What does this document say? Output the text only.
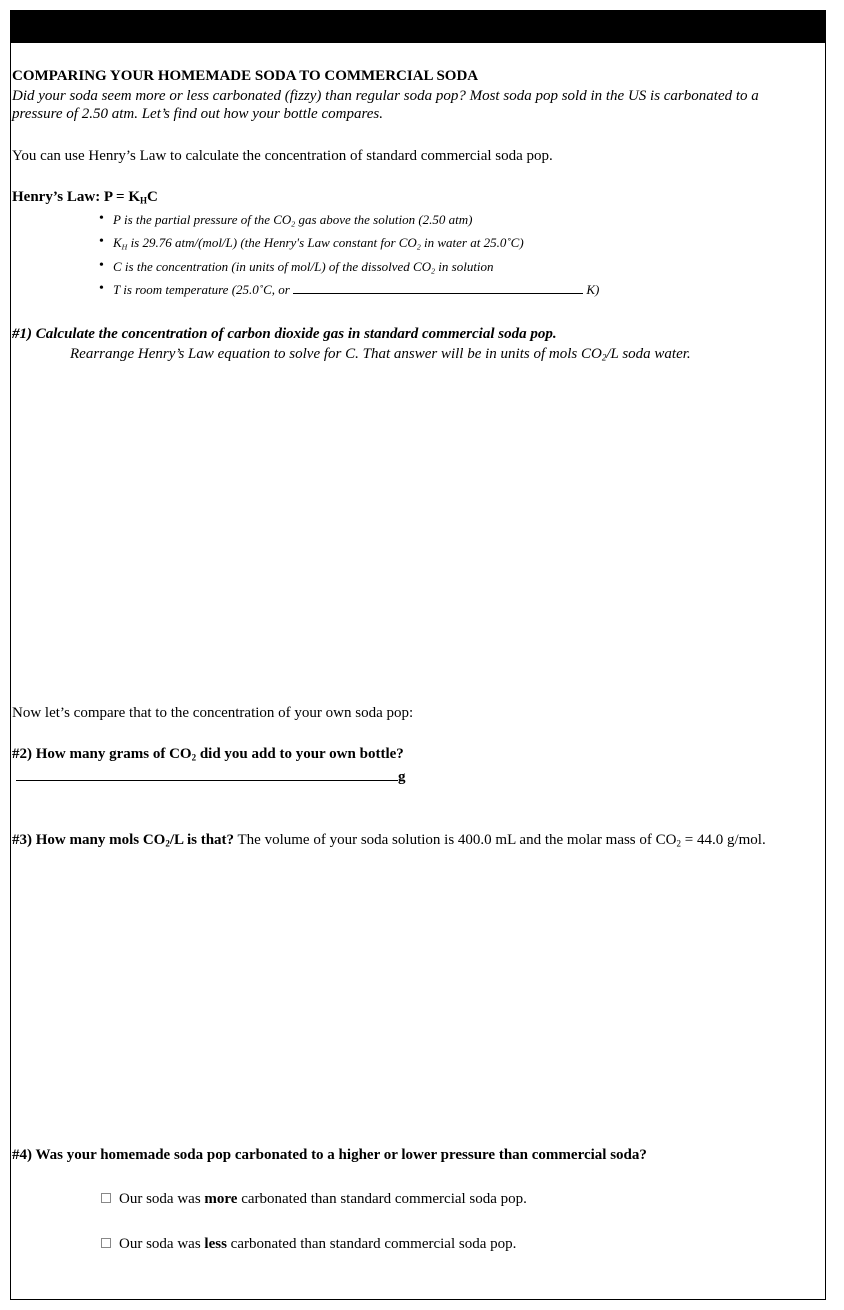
COMPARING YOUR HOMEMADE SODA TO COMMERCIAL SODA
Did your soda seem more or less carbonated (fizzy) than regular soda pop? Most soda pop sold in the US is carbonated to a
pressure of 2.50 atm. Let’s find out how your bottle compares.
You can use Henry’s Law to calculate the concentration of standard commercial soda pop.
Henry’s Law: $P = K_HC$
• P is the partial pressure of the $CO_2$ gas above the solution (2.50 atm)
• $K_H$ is 29.76 atm/(mol/L) (the Henry's Law constant for $CO_2$ in water at 25.0˚C)
• C is the concentration (in units of mol/L) of the dissolved $CO_2$ in solution
• T is room temperature (25.0˚C, or	K)
#1) Calculate the concentration of carbon dioxide gas in standard commercial soda pop.
Rearrange Henry’s Law equation to solve for C. That answer will be in units of mols $CO_2/L$ soda water.
Now let’s compare that to the concentration of your own soda pop:
#2) How many grams of $CO_2$ did you add to your own bottle?
g
#3) How many mols $CO_2/L$ is that? The volume of your soda solution is 400.0 mL and the molar mass of $CO_2 = 44.0$ g/mol.
#4) Was your homemade soda pop carbonated to a higher or lower pressure than commercial soda?
Our soda was more carbonated than standard commercial soda pop.
Our soda was less carbonated than standard commercial soda pop.
